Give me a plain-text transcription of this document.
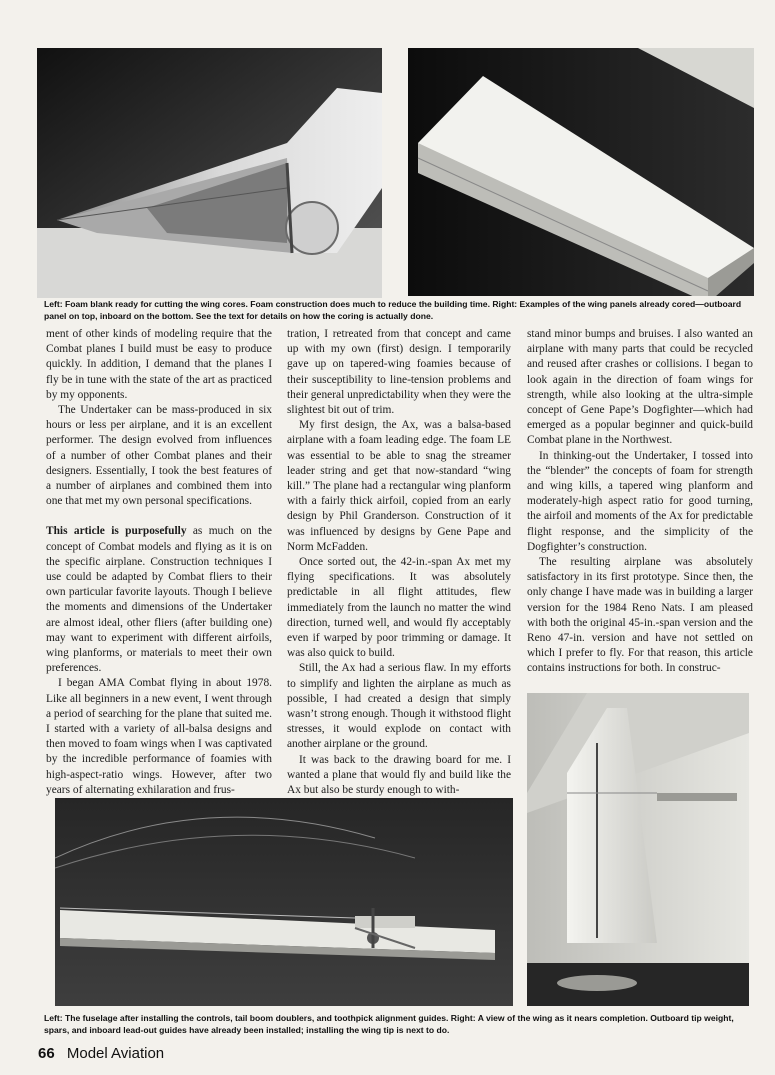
Left: Foam blank ready for cutting the wing cores. Foam construction does much to reduce the building time. Right: Examples of the wing panels already cored—outboard panel on top, inboard on the bottom. See the text for details on how the coring is actually done.

ment of other kinds of modeling require that the Combat planes I build must be easy to produce quickly. In addition, I demand that the planes I fly be in tune with the state of the art as practiced by my opponents.

The Undertaker can be mass-produced in six hours or less per airplane, and it is an excellent performer. The design evolved from influences of a number of other Combat planes and their designers. Essentially, I took the best features of a number of airplanes and combined them into one that met my own personal specifications.

This article is purposefully as much on the concept of Combat models and flying as it is on the specific airplane. Construction techniques I use could be adapted by Combat fliers to their own particular favorite layouts. Though I believe the moments and dimensions of the Undertaker are almost ideal, other fliers (after building one) may want to experiment with different airfoils, wing planforms, or materials to meet their own preferences.

I began AMA Combat flying in about 1978. Like all beginners in a new event, I went through a period of searching for the plane that suited me. I started with a variety of all-balsa designs and then moved to foam wings when I was captivated by the incredible performance of foamies with high-aspect-ratio wings. However, after two years of alternating exhilaration and frus-

tration, I retreated from that concept and came up with my own (first) design. I temporarily gave up on tapered-wing foamies because of their susceptibility to line-tension problems and their general unpredictability when they were the slightest bit out of trim.

My first design, the Ax, was a balsa-based airplane with a foam leading edge. The foam LE was essential to be able to snag the streamer leader string and get that now-standard “wing kill.” The plane had a rectangular wing planform with a fairly thick airfoil, copied from an early design by Phil Granderson. Construction of it was influenced by designs by Gene Pape and Norm McFadden.

Once sorted out, the 42-in.-span Ax met my flying specifications. It was absolutely predictable in all flight attitudes, flew immediately from the launch no matter the wind direction, turned well, and would fly acceptably even if warped by poor trimming or damage. It was also quick to build.

Still, the Ax had a serious flaw. In my efforts to simplify and lighten the airplane as much as possible, I had created a design that simply wasn’t strong enough. Though it withstood flight stresses, it would explode on contact with another airplane or the ground.

It was back to the drawing board for me. I wanted a plane that would fly and build like the Ax but also be sturdy enough to with-

stand minor bumps and bruises. I also wanted an airplane with many parts that could be recycled and reused after crashes or collisions. I began to look again in the direction of foam wings for strength, while also looking at the ultra-simple concept of Gene Pape’s Dogfighter—which had emerged as a popular beginner and quick-build Combat plane in the Northwest.

In thinking-out the Undertaker, I tossed into the “blender” the concepts of foam for strength and wing kills, a tapered wing planform and moderately-high aspect ratio for good turning, the airfoil and moments of the Ax for predictable flight response, and the simplicity of the Dogfighter’s construction.

The resulting airplane was absolutely satisfactory in its first prototype. Since then, the only change I have made was in building a larger version for the 1984 Reno Nats. I am pleased with both the original 45-in.-span version and the Reno 47-in. version and have not settled on which I prefer to fly. For that reason, this article contains instructions for both. In construc-

Left: The fuselage after installing the controls, tail boom doublers, and toothpick alignment guides. Right: A view of the wing as it nears completion. Outboard tip weight, spars, and inboard lead-out guides have already been installed; installing the wing tip is next to do.
66 Model Aviation
